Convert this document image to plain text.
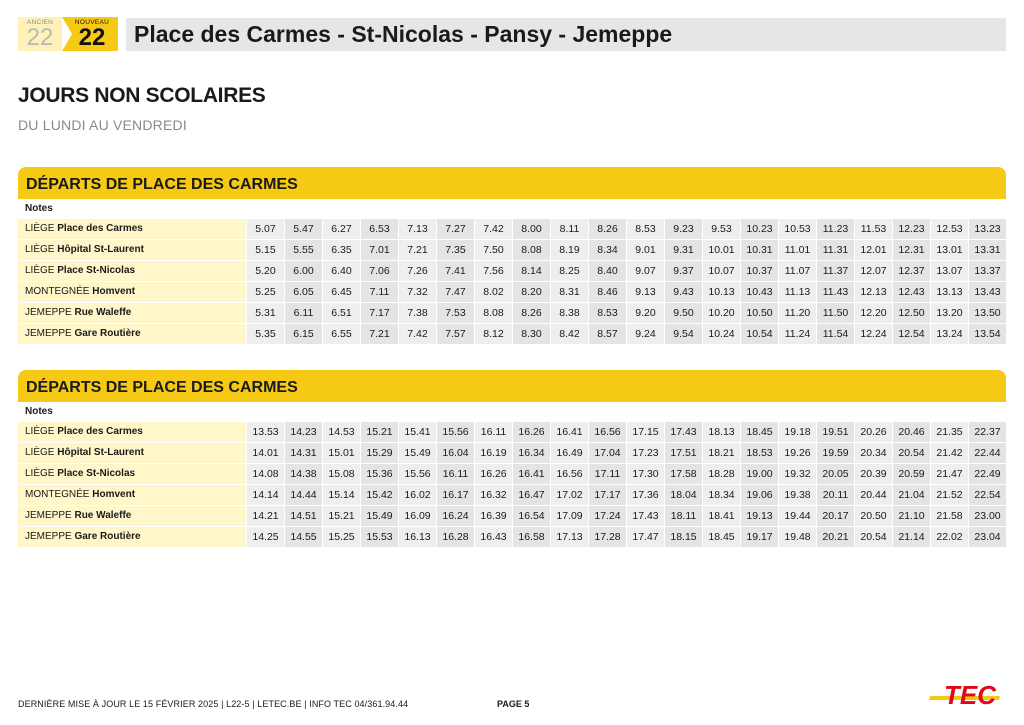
ANCIEN
22
NOUVEAU
22	Place des Carmes - St-Nicolas - Pansy - Jemeppe
JOURS NON SCOLAIRES
DU LUNDI AU VENDREDI
DÉPARTS DE PLACE DES CARMES
Notes
LIÈGE Place des Carmes	5.07	5.47	6.27	6.53	7.13	7.27	7.42	8.00	8.11	8.26	8.53	9.23	9.53	10.23	10.53	11.23	11.53	12.23	12.53	13.23
LIÈGE Hôpital St-Laurent	5.15	5.55	6.35	7.01	7.21	7.35	7.50	8.08	8.19	8.34	9.01	9.31	10.01	10.31	11.01	11.31	12.01	12.31	13.01	13.31
LIÈGE Place St-Nicolas	5.20	6.00	6.40	7.06	7.26	7.41	7.56	8.14	8.25	8.40	9.07	9.37	10.07	10.37	11.07	11.37	12.07	12.37	13.07	13.37
MONTEGNÉE Homvent	5.25	6.05	6.45	7.11	7.32	7.47	8.02	8.20	8.31	8.46	9.13	9.43	10.13	10.43	11.13	11.43	12.13	12.43	13.13	13.43
JEMEPPE Rue Waleffe	5.31	6.11	6.51	7.17	7.38	7.53	8.08	8.26	8.38	8.53	9.20	9.50	10.20	10.50	11.20	11.50	12.20	12.50	13.20	13.50
JEMEPPE Gare Routière	5.35	6.15	6.55	7.21	7.42	7.57	8.12	8.30	8.42	8.57	9.24	9.54	10.24	10.54	11.24	11.54	12.24	12.54	13.24	13.54
DÉPARTS DE PLACE DES CARMES
Notes
LIÈGE Place des Carmes	13.53	14.23	14.53	15.21	15.41	15.56	16.11	16.26	16.41	16.56	17.15	17.43	18.13	18.45	19.18	19.51	20.26	20.46	21.35	22.37
LIÈGE Hôpital St-Laurent	14.01	14.31	15.01	15.29	15.49	16.04	16.19	16.34	16.49	17.04	17.23	17.51	18.21	18.53	19.26	19.59	20.34	20.54	21.42	22.44
LIÈGE Place St-Nicolas	14.08	14.38	15.08	15.36	15.56	16.11	16.26	16.41	16.56	17.11	17.30	17.58	18.28	19.00	19.32	20.05	20.39	20.59	21.47	22.49
MONTEGNÉE Homvent	14.14	14.44	15.14	15.42	16.02	16.17	16.32	16.47	17.02	17.17	17.36	18.04	18.34	19.06	19.38	20.11	20.44	21.04	21.52	22.54
JEMEPPE Rue Waleffe	14.21	14.51	15.21	15.49	16.09	16.24	16.39	16.54	17.09	17.24	17.43	18.11	18.41	19.13	19.44	20.17	20.50	21.10	21.58	23.00
JEMEPPE Gare Routière	14.25	14.55	15.25	15.53	16.13	16.28	16.43	16.58	17.13	17.28	17.47	18.15	18.45	19.17	19.48	20.21	20.54	21.14	22.02	23.04
DERNIÈRE MISE À JOUR LE 15 FÉVRIER 2025 | L22-5 | LETEC.BE | INFO TEC 04/361.94.44	PAGE 5	TEC
